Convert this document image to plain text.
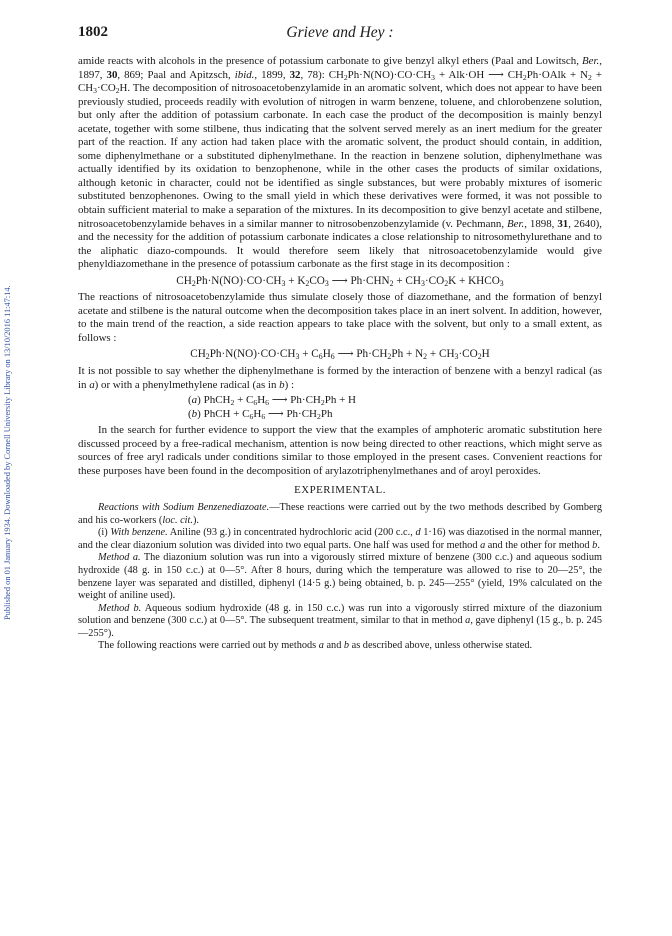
1802	Grieve and Hey :
Published on 01 January 1934. Downloaded by Cornell University Library on 13/10/2016 11:47:14.

amide reacts with alcohols in the presence of potassium carbonate to give benzyl alkyl ethers (Paal and Lowitsch, Ber., 1897, 30, 869; Paal and Apitzsch, ibid., 1899, 32, 78): $CH_2Ph\cdot N(NO)\cdot CO\cdot CH_3 + Alk\cdot OH$ ⟶ $CH_2Ph\cdot OAlk + N_2 + CH_3\cdot CO_2H$. The decomposition of nitrosoacetobenzylamide in an aromatic solvent, which does not appear to have been previously studied, proceeds readily with evolution of nitrogen in warm benzene, toluene, and chlorobenzene solution, but only after the addition of potassium carbonate. In each case the product of the decomposition is mainly benzyl acetate, together with some stilbene, thus indicating that the solvent served merely as an inert medium for the greater part of the reaction. If any action had taken place with the aromatic solvent, the product should contain, in addition, some diphenylmethane or a substituted diphenylmethane. In the reaction in benzene solution, diphenylmethane was actually identified by its oxidation to benzophenone, while in the other cases the products of similar oxidations, although ketonic in character, could not be identified as single substances, but were probably mixtures of isomeric substituted benzophenones. Owing to the small yield in which these derivatives were formed, it was not possible to obtain sufficient material to make a separation of the mixtures. In its decomposition to give benzyl acetate and stilbene, nitrosoacetobenzylamide behaves in a similar manner to nitrosobenzobenzylamide (v. Pechmann, Ber., 1898, 31, 2640), and the necessity for the addition of potassium carbonate indicates a close relationship to nitrosomethylurethane and to the aliphatic diazo-compounds. It would therefore seem likely that nitrosoacetobenzylamide would give phenyldiazomethane in the presence of potassium carbonate as the first stage in its decomposition :

$CH_2Ph\cdot N(NO)\cdot CO\cdot CH_3 + K_2CO_3$ ⟶ $Ph\cdot CHN_2 + CH_3\cdot CO_2K$ + $KHCO_3$

The reactions of nitrosoacetobenzylamide thus simulate closely those of diazomethane, and the formation of benzyl acetate and stilbene is the natural outcome when the decomposition takes place in an inert solvent. In addition, however, to the main trend of the reaction, a side reaction appears to take place with the solvent, but only to a small extent, as follows :

$CH_2Ph\cdot N(NO)\cdot CO\cdot CH_3 + C_6H_6$ ⟶ $Ph\cdot CH_2Ph + N_2 + CH_3\cdot CO_2H$

It is not possible to say whether the diphenylmethane is formed by the interaction of benzene with a benzyl radical (as in a) or with a phenylmethylene radical (as in b) :

(a) PhCH$_2$ + $C_6H_6$ ⟶ $Ph\cdot CH_2Ph + H$

(b) PhCH + $C_6H_6$ ⟶ $Ph\cdot CH_2Ph$

In the search for further evidence to support the view that the examples of amphoteric aromatic substitution here discussed proceed by a free-radical mechanism, attention is now being directed to other reactions, which might serve as sources of free aryl radicals under conditions similar to those employed in the present cases. Convenient reactions for these purposes have been found in the decomposition of arylazotriphenylmethanes and of aroyl peroxides.

EXPERIMENTAL.

Reactions with Sodium Benzenediazoate.—These reactions were carried out by the two methods described by Gomberg and his co-workers (loc. cit.).

(i) With benzene. Aniline (93 g.) in concentrated hydrochloric acid (200 c.c., d 1·16) was diazotised in the normal manner, and the clear diazonium solution was divided into two equal parts. One half was used for method a and the other for method b.

Method a. The diazonium solution was run into a vigorously stirred mixture of benzene (300 c.c.) and aqueous sodium hydroxide (48 g. in 150 c.c.) at 0—5°. After 8 hours, during which the temperature was allowed to rise to 20—25°, the benzene layer was separated and distilled, diphenyl (14·5 g.) being obtained, b. p. 245—255° (yield, 19% calculated on the weight of aniline used).

Method b. Aqueous sodium hydroxide (48 g. in 150 c.c.) was run into a vigorously stirred mixture of the diazonium solution and benzene (300 c.c.) at 0—5°. The subsequent treatment, similar to that in method a, gave diphenyl (15 g., b. p. 245—255°).

The following reactions were carried out by methods a and b as described above, unless otherwise stated.
